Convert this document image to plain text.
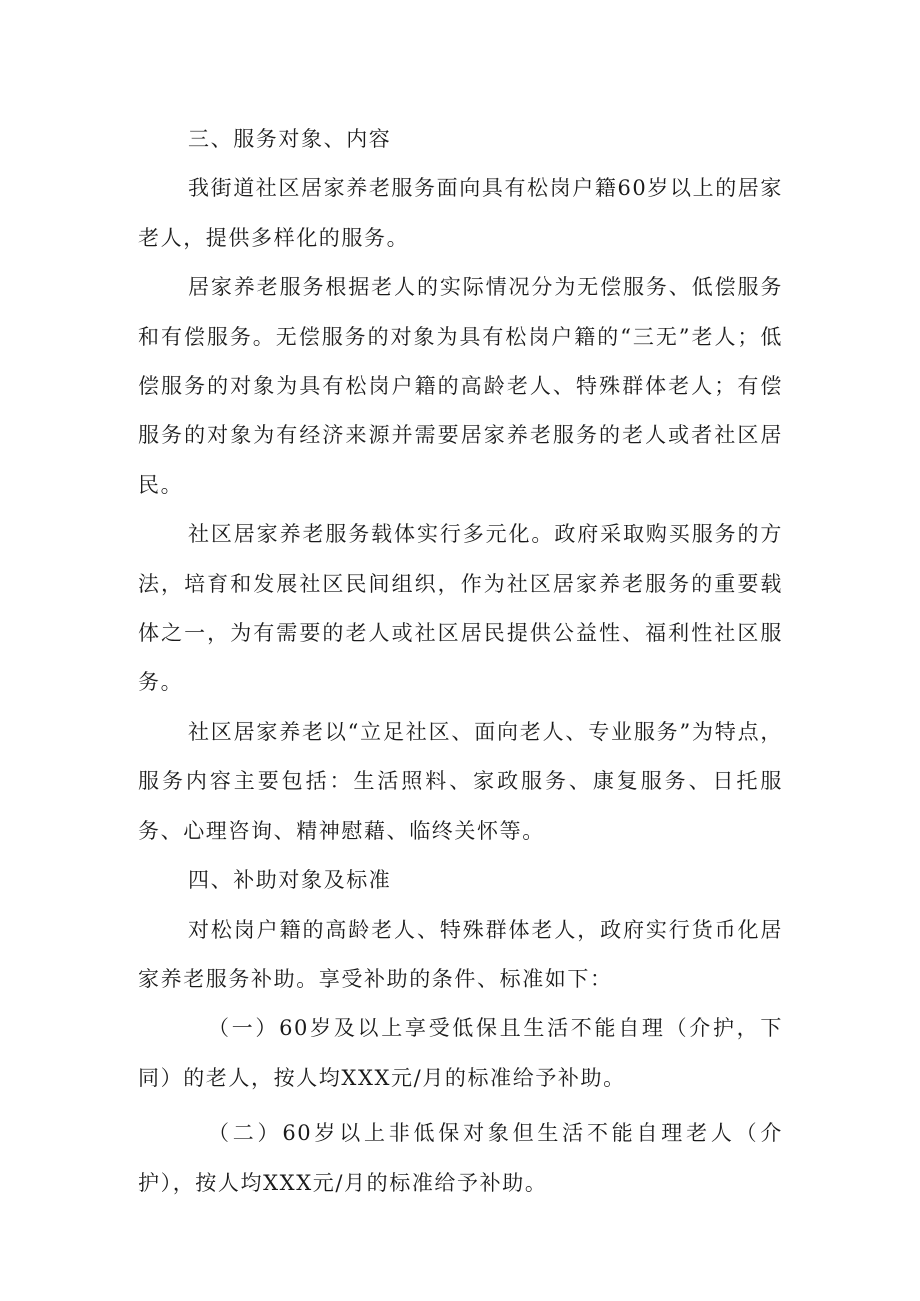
三、服务对象、内容

我街道社区居家养老服务面向具有松岗户籍60岁以上的居家老人，提供多样化的服务。

居家养老服务根据老人的实际情况分为无偿服务、低偿服务和有偿服务。无偿服务的对象为具有松岗户籍的“三无”老人；低偿服务的对象为具有松岗户籍的高龄老人、特殊群体老人；有偿服务的对象为有经济来源并需要居家养老服务的老人或者社区居民。

社区居家养老服务载体实行多元化。政府采取购买服务的方法，培育和发展社区民间组织，作为社区居家养老服务的重要载体之一，为有需要的老人或社区居民提供公益性、福利性社区服务。

社区居家养老以“立足社区、面向老人、专业服务”为特点，服务内容主要包括：生活照料、家政服务、康复服务、日托服务、心理咨询、精神慰藉、临终关怀等。

四、补助对象及标准

对松岗户籍的高龄老人、特殊群体老人，政府实行货币化居家养老服务补助。享受补助的条件、标准如下：

（一）60岁及以上享受低保且生活不能自理（介护，下同）的老人，按人均XXX元/月的标准给予补助。

（二）60岁以上非低保对象但生活不能自理老人（介护），按人均XXX元/月的标准给予补助。
